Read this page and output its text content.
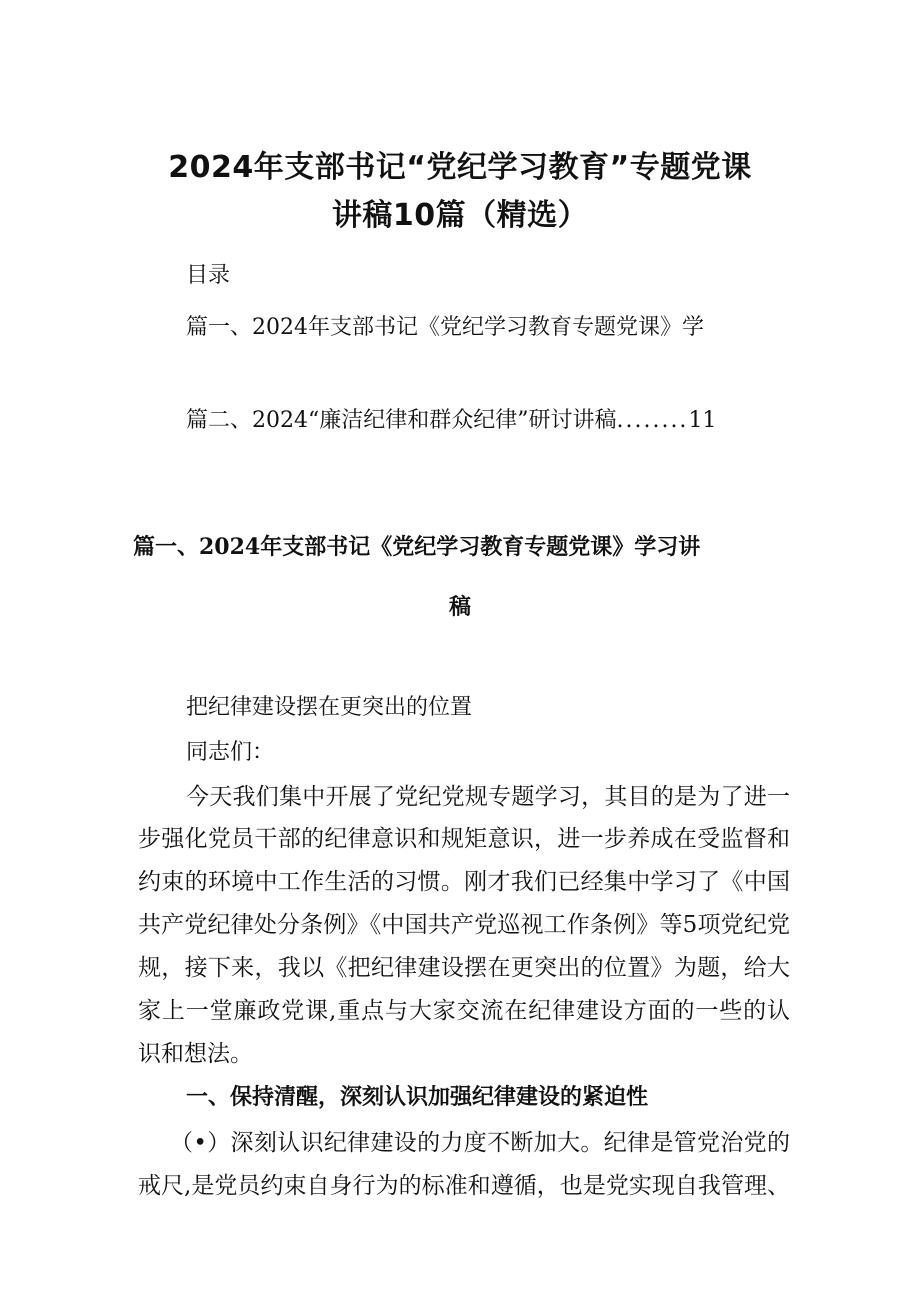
2024年支部书记“党纪学习教育”专题党课
讲稿10篇（精选）
目录
篇一、2024年支部书记《党纪学习教育专题党课》学
篇二、2024“廉洁纪律和群众纪律”研讨讲稿........11
篇一、2024年支部书记《党纪学习教育专题党课》学习讲
稿
把纪律建设摆在更突出的位置
同志们：
今天我们集中开展了党纪党规专题学习，其目的是为了进一
步强化党员干部的纪律意识和规矩意识，进一步养成在受监督和
约束的环境中工作生活的习惯。刚才我们已经集中学习了《中国
共产党纪律处分条例》《中国共产党巡视工作条例》等5项党纪党
规，接下来，我以《把纪律建设摆在更突出的位置》为题，给大
家上一堂廉政党课,重点与大家交流在纪律建设方面的一些的认
识和想法。
一、保持清醒，深刻认识加强纪律建设的紧迫性
（•）深刻认识纪律建设的力度不断加大。纪律是管党治党的
戒尺,是党员约束自身行为的标准和遵循，也是党实现自我管理、
